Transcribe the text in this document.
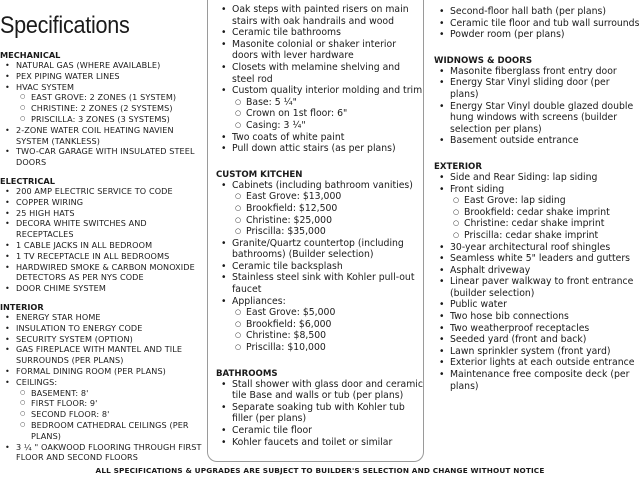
Specifications
MECHANICAL
• NATURAL GAS (WHERE AVAILABLE)
• PEX PIPING WATER LINES
• HVAC SYSTEM
○ EAST GROVE: 2 ZONES (1 SYSTEM)
○ CHRISTINE: 2 ZONES (2 SYSTEMS)
○ PRISCILLA: 3 ZONES (3 SYSTEMS)
• 2-ZONE WATER COIL HEATING NAVIEN SYSTEM (TANKLESS)
• TWO-CAR GARAGE WITH INSULATED STEEL DOORS
ELECTRICAL
• 200 AMP ELECTRIC SERVICE TO CODE
• COPPER WIRING
• 25 HIGH HATS
• DECORA WHITE SWITCHES AND RECEPTACLES
• 1 CABLE JACKS IN ALL BEDROOM
• 1 TV RECEPTACLE IN ALL BEDROOMS
• HARDWIRED SMOKE & CARBON MONOXIDE DETECTORS AS PER NYS CODE
• DOOR CHIME SYSTEM
INTERIOR
• ENERGY STAR HOME
• INSULATION TO ENERGY CODE
• SECURITY SYSTEM (OPTION)
• GAS FIREPLACE WITH MANTEL AND TILE SURROUNDS (PER PLANS)
• FORMAL DINING ROOM (PER PLANS)
• CEILINGS:
○ BASEMENT: 8'
○ FIRST FLOOR: 9'
○ SECOND FLOOR: 8'
○ BEDROOM CATHEDRAL CEILINGS (PER PLANS)
• 3 ¼ " OAKWOOD FLOORING THROUGH FIRST FLOOR AND SECOND FLOORS
• Oak steps with painted risers on main stairs with oak handrails and wood
• Ceramic tile bathrooms
• Masonite colonial or shaker interior doors with lever hardware
• Closets with melamine shelving and steel rod
• Custom quality interior molding and trim
○ Base: 5 ¼"
○ Crown on 1st floor: 6"
○ Casing: 3 ¼"
• Two coats of white paint
• Pull down attic stairs (as per plans)
CUSTOM KITCHEN
• Cabinets (including bathroom vanities)
○ East Grove: $13,000
○ Brookfield: $12,500
○ Christine: $25,000
○ Priscilla: $35,000
• Granite/Quartz countertop (including bathrooms) (Builder selection)
• Ceramic tile backsplash
• Stainless steel sink with Kohler pull-out faucet
• Appliances:
○ East Grove: $5,000
○ Brookfield: $6,000
○ Christine: $8,500
○ Priscilla: $10,000
BATHROOMS
• Stall shower with glass door and ceramic tile Base and walls or tub (per plans)
• Separate soaking tub with Kohler tub filler (per plans)
• Ceramic tile floor
• Kohler faucets and toilet or similar
• Second-floor hall bath (per plans)
• Ceramic tile floor and tub wall surrounds
• Powder room (per plans)
WIDNOWS & DOORS
• Masonite fiberglass front entry door
• Energy Star Vinyl sliding door (per plans)
• Energy Star Vinyl double glazed double hung windows with screens (builder selection per plans)
• Basement outside entrance
EXTERIOR
• Side and Rear Siding: lap siding
• Front siding
○ East Grove: lap siding
○ Brookfield: cedar shake imprint
○ Christine: cedar shake imprint
○ Priscilla: cedar shake imprint
• 30-year architectural roof shingles
• Seamless white 5" leaders and gutters
• Asphalt driveway
• Linear paver walkway to front entrance (builder selection)
• Public water
• Two hose bib connections
• Two weatherproof receptacles
• Seeded yard (front and back)
• Lawn sprinkler system (front yard)
• Exterior lights at each outside entrance
• Maintenance free composite deck (per plans)
ALL SPECIFICATIONS & UPGRADES ARE SUBJECT TO BUILDER'S SELECTION AND CHANGE WITHOUT NOTICE
